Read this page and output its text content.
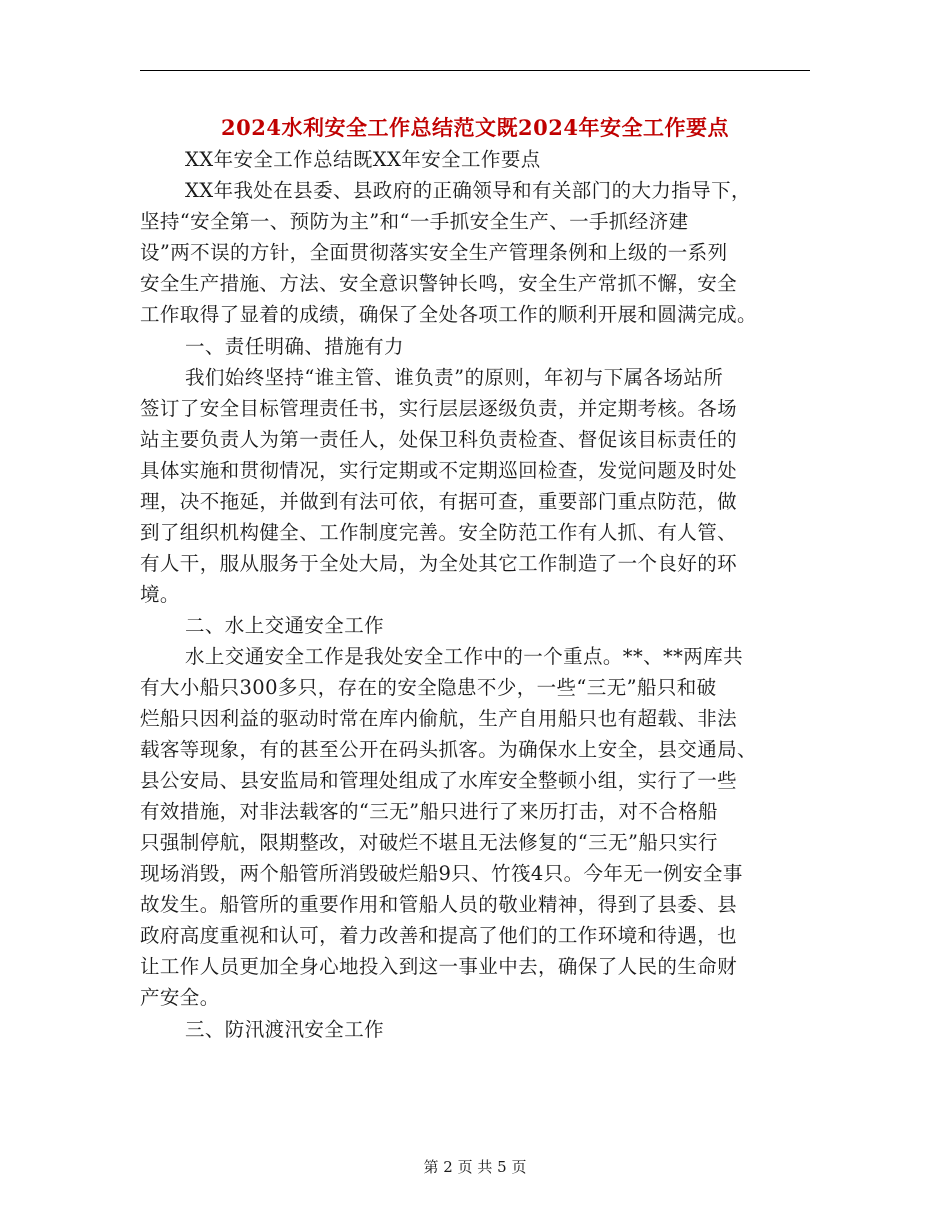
2024水利安全工作总结范文既2024年安全工作要点
XX年安全工作总结既XX年安全工作要点
XX年我处在县委、县政府的正确领导和有关部门的大力指导下，
坚持“安全第一、预防为主”和“一手抓安全生产、一手抓经济建
设”两不误的方针，全面贯彻落实安全生产管理条例和上级的一系列
安全生产措施、方法、安全意识警钟长鸣，安全生产常抓不懈，安全
工作取得了显着的成绩，确保了全处各项工作的顺利开展和圆满完成。
一、责任明确、措施有力
我们始终坚持“谁主管、谁负责”的原则，年初与下属各场站所
签订了安全目标管理责任书，实行层层逐级负责，并定期考核。各场
站主要负责人为第一责任人，处保卫科负责检查、督促该目标责任的
具体实施和贯彻情况，实行定期或不定期巡回检查，发觉问题及时处
理，决不拖延，并做到有法可依，有据可查，重要部门重点防范，做
到了组织机构健全、工作制度完善。安全防范工作有人抓、有人管、
有人干，服从服务于全处大局，为全处其它工作制造了一个良好的环
境。
二、水上交通安全工作
水上交通安全工作是我处安全工作中的一个重点。**、**两库共
有大小船只300多只，存在的安全隐患不少，一些“三无”船只和破
烂船只因利益的驱动时常在库内偷航，生产自用船只也有超载、非法
载客等现象，有的甚至公开在码头抓客。为确保水上安全，县交通局、
县公安局、县安监局和管理处组成了水库安全整顿小组，实行了一些
有效措施，对非法载客的“三无”船只进行了来历打击，对不合格船
只强制停航，限期整改，对破烂不堪且无法修复的“三无”船只实行
现场消毁，两个船管所消毁破烂船9只、竹筏4只。今年无一例安全事
故发生。船管所的重要作用和管船人员的敬业精神，得到了县委、县
政府高度重视和认可，着力改善和提高了他们的工作环境和待遇，也
让工作人员更加全身心地投入到这一事业中去，确保了人民的生命财
产安全。
三、防汛渡汛安全工作
第 2 页 共 5 页
